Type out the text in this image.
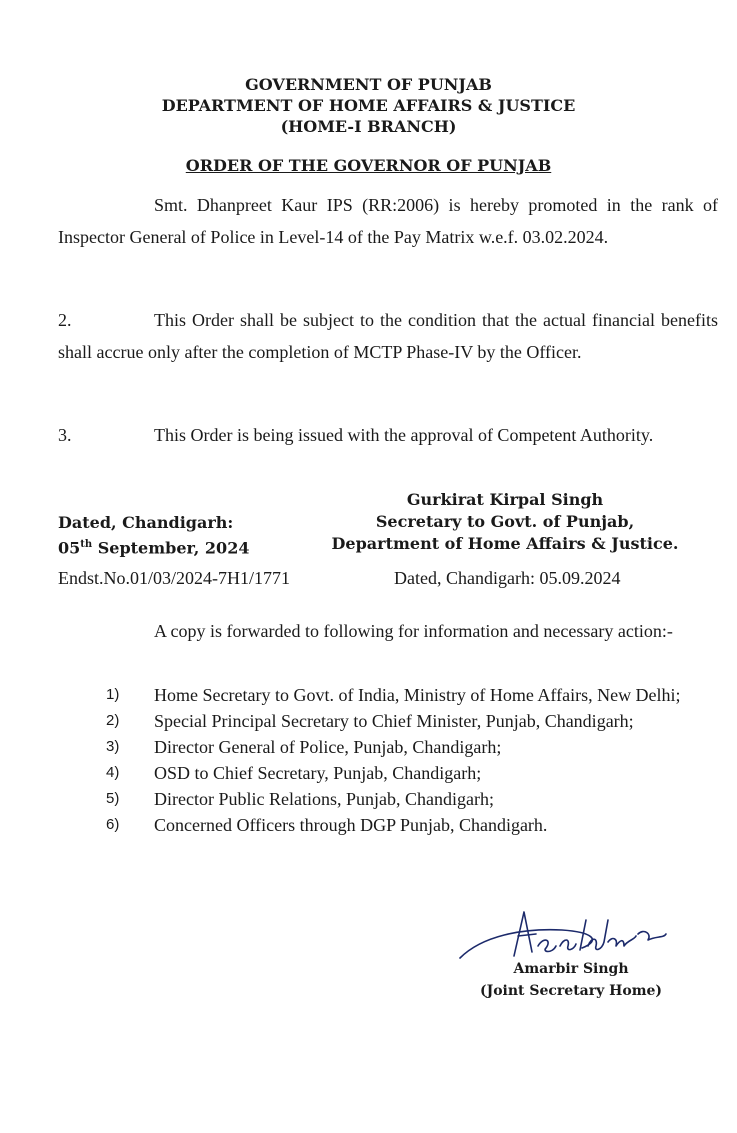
GOVERNMENT OF PUNJAB
DEPARTMENT OF HOME AFFAIRS & JUSTICE
(HOME-I BRANCH)
ORDER OF THE GOVERNOR OF PUNJAB
Smt. Dhanpreet Kaur IPS (RR:2006) is hereby promoted in the rank of Inspector General of Police in Level-14 of the Pay Matrix w.e.f. 03.02.2024.
2.	This Order shall be subject to the condition that the actual financial benefits shall accrue only after the completion of MCTP Phase-IV by the Officer.
3.	This Order is being issued with the approval of Competent Authority.
Dated, Chandigarh:
05th September, 2024
Gurkirat Kirpal Singh
Secretary to Govt. of Punjab,
Department of Home Affairs & Justice.
Endst.No.01/03/2024-7H1/1771	Dated, Chandigarh: 05.09.2024
A copy is forwarded to following for information and necessary action:-
1) Home Secretary to Govt. of India, Ministry of Home Affairs, New Delhi;
2) Special Principal Secretary to Chief Minister, Punjab, Chandigarh;
3) Director General of Police, Punjab, Chandigarh;
4) OSD to Chief Secretary, Punjab, Chandigarh;
5) Director Public Relations, Punjab, Chandigarh;
6) Concerned Officers through DGP Punjab, Chandigarh.
Amarbir Singh
(Joint Secretary Home)
